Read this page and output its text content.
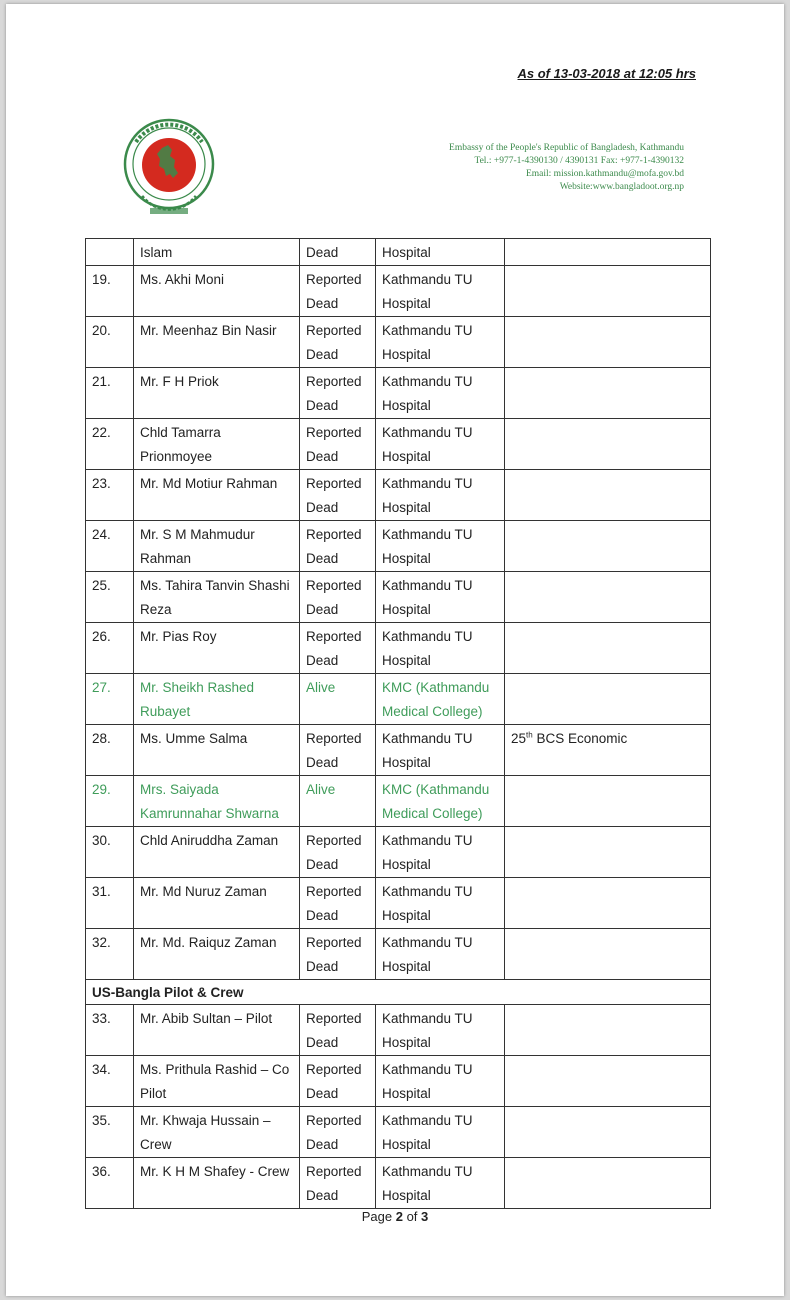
As of 13-03-2018 at 12:05 hrs
Embassy of the People's Republic of Bangladesh, Kathmandu
Tel.: +977-1-4390130 / 4390131 Fax: +977-1-4390132
Email: mission.kathmandu@mofa.gov.bd
Website:www.bangladoot.org.np
	Islam	Dead	Hospital	
19.	Ms. Akhi Moni	Reported Dead	Kathmandu TU Hospital	
20.	Mr. Meenhaz Bin Nasir	Reported Dead	Kathmandu TU Hospital	
21.	Mr. F H Priok	Reported Dead	Kathmandu TU Hospital	
22.	Chld Tamarra Prionmoyee	Reported Dead	Kathmandu TU Hospital	
23.	Mr. Md Motiur Rahman	Reported Dead	Kathmandu TU Hospital	
24.	Mr. S M Mahmudur Rahman	Reported Dead	Kathmandu TU Hospital	
25.	Ms. Tahira Tanvin Shashi Reza	Reported Dead	Kathmandu TU Hospital	
26.	Mr. Pias Roy	Reported Dead	Kathmandu TU Hospital	
27.	Mr. Sheikh Rashed Rubayet	Alive	KMC (Kathmandu Medical College)	
28.	Ms. Umme Salma	Reported Dead	Kathmandu TU Hospital	25th BCS Economic
29.	Mrs. Saiyada Kamrunnahar Shwarna	Alive	KMC (Kathmandu Medical College)	
30.	Chld Aniruddha Zaman	Reported Dead	Kathmandu TU Hospital	
31.	Mr. Md Nuruz Zaman	Reported Dead	Kathmandu TU Hospital	
32.	Mr. Md. Raiquz Zaman	Reported Dead	Kathmandu TU Hospital	
US-Bangla Pilot & Crew				
33.	Mr. Abib Sultan – Pilot	Reported Dead	Kathmandu TU Hospital	
34.	Ms. Prithula Rashid – Co Pilot	Reported Dead	Kathmandu TU Hospital	
35.	Mr. Khwaja Hussain – Crew	Reported Dead	Kathmandu TU Hospital	
36.	Mr. K H M Shafey - Crew	Reported Dead	Kathmandu TU Hospital	
Page 2 of 3
